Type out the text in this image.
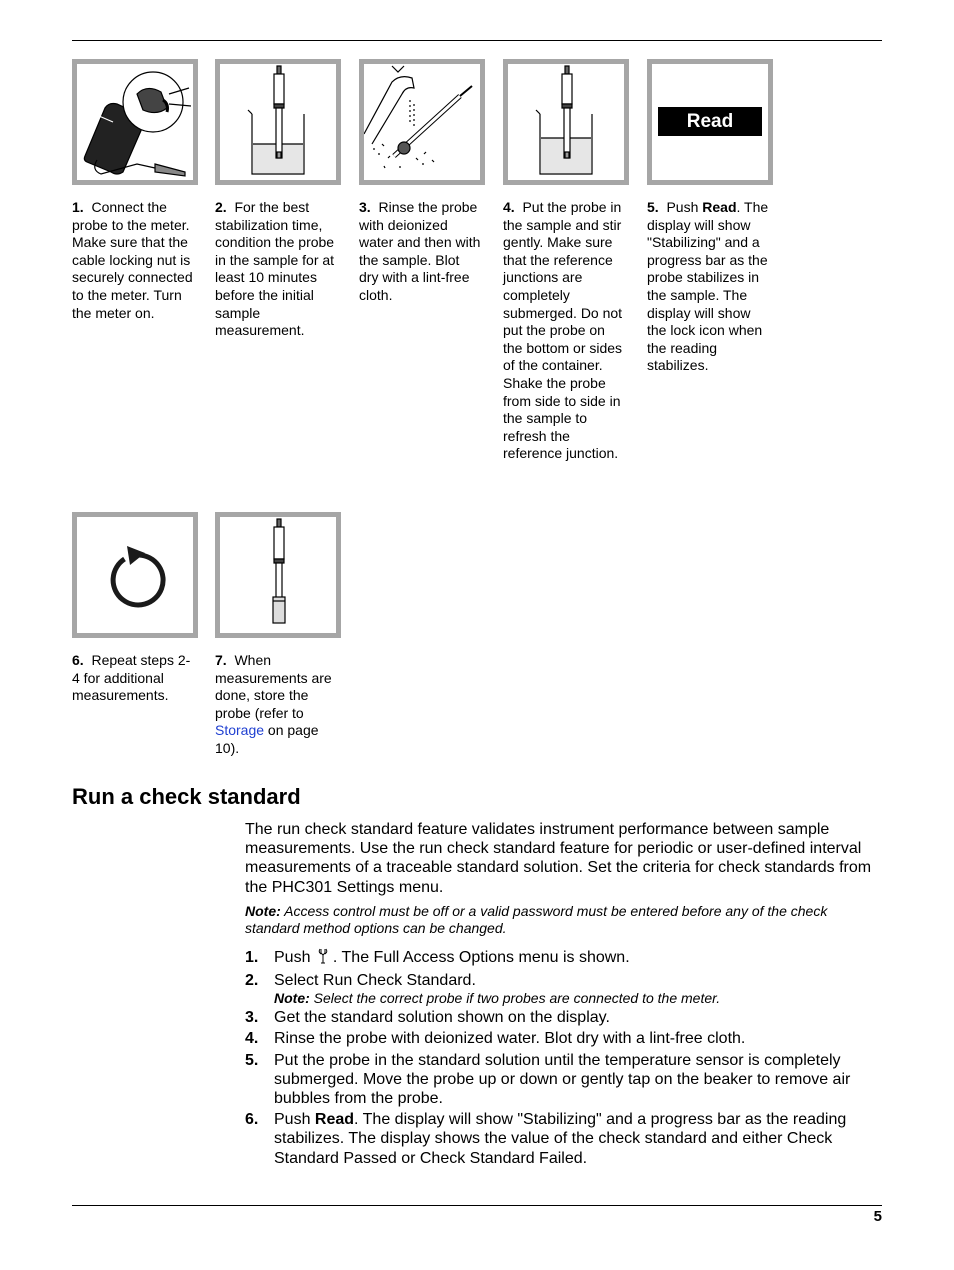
1. Connect the probe to the meter. Make sure that the cable locking nut is securely connected to the meter. Turn the meter on.
2. For the best stabilization time, condition the probe in the sample for at least 10 minutes before the initial sample measurement.
3. Rinse the probe with deionized water and then with the sample. Blot dry with a lint-free cloth.
4. Put the probe in the sample and stir gently. Make sure that the reference junctions are completely submerged. Do not put the probe on the bottom or sides of the container. Shake the probe from side to side in the sample to refresh the reference junction.
Read
5. Push Read. The display will show "Stabilizing" and a progress bar as the probe stabilizes in the sample. The display will show the lock icon when the reading stabilizes.
6. Repeat steps 2-4 for additional measurements.
7. When measurements are done, store the probe (refer to Storage on page 10).
Run a check standard

The run check standard feature validates instrument performance between sample measurements. Use the run check standard feature for periodic or user-defined interval measurements of a traceable standard solution. Set the criteria for check standards from the PHC301 Settings menu.

Note: Access control must be off or a valid password must be entered before any of the check standard method options can be changed.

1. Push . The Full Access Options menu is shown.
2. Select Run Check Standard.
Note: Select the correct probe if two probes are connected to the meter.
3. Get the standard solution shown on the display.
4. Rinse the probe with deionized water. Blot dry with a lint-free cloth.
5. Put the probe in the standard solution until the temperature sensor is completely submerged. Move the probe up or down or gently tap on the beaker to remove air bubbles from the probe.
6. Push Read. The display will show "Stabilizing" and a progress bar as the reading stabilizes. The display shows the value of the check standard and either Check Standard Passed or Check Standard Failed.
5
